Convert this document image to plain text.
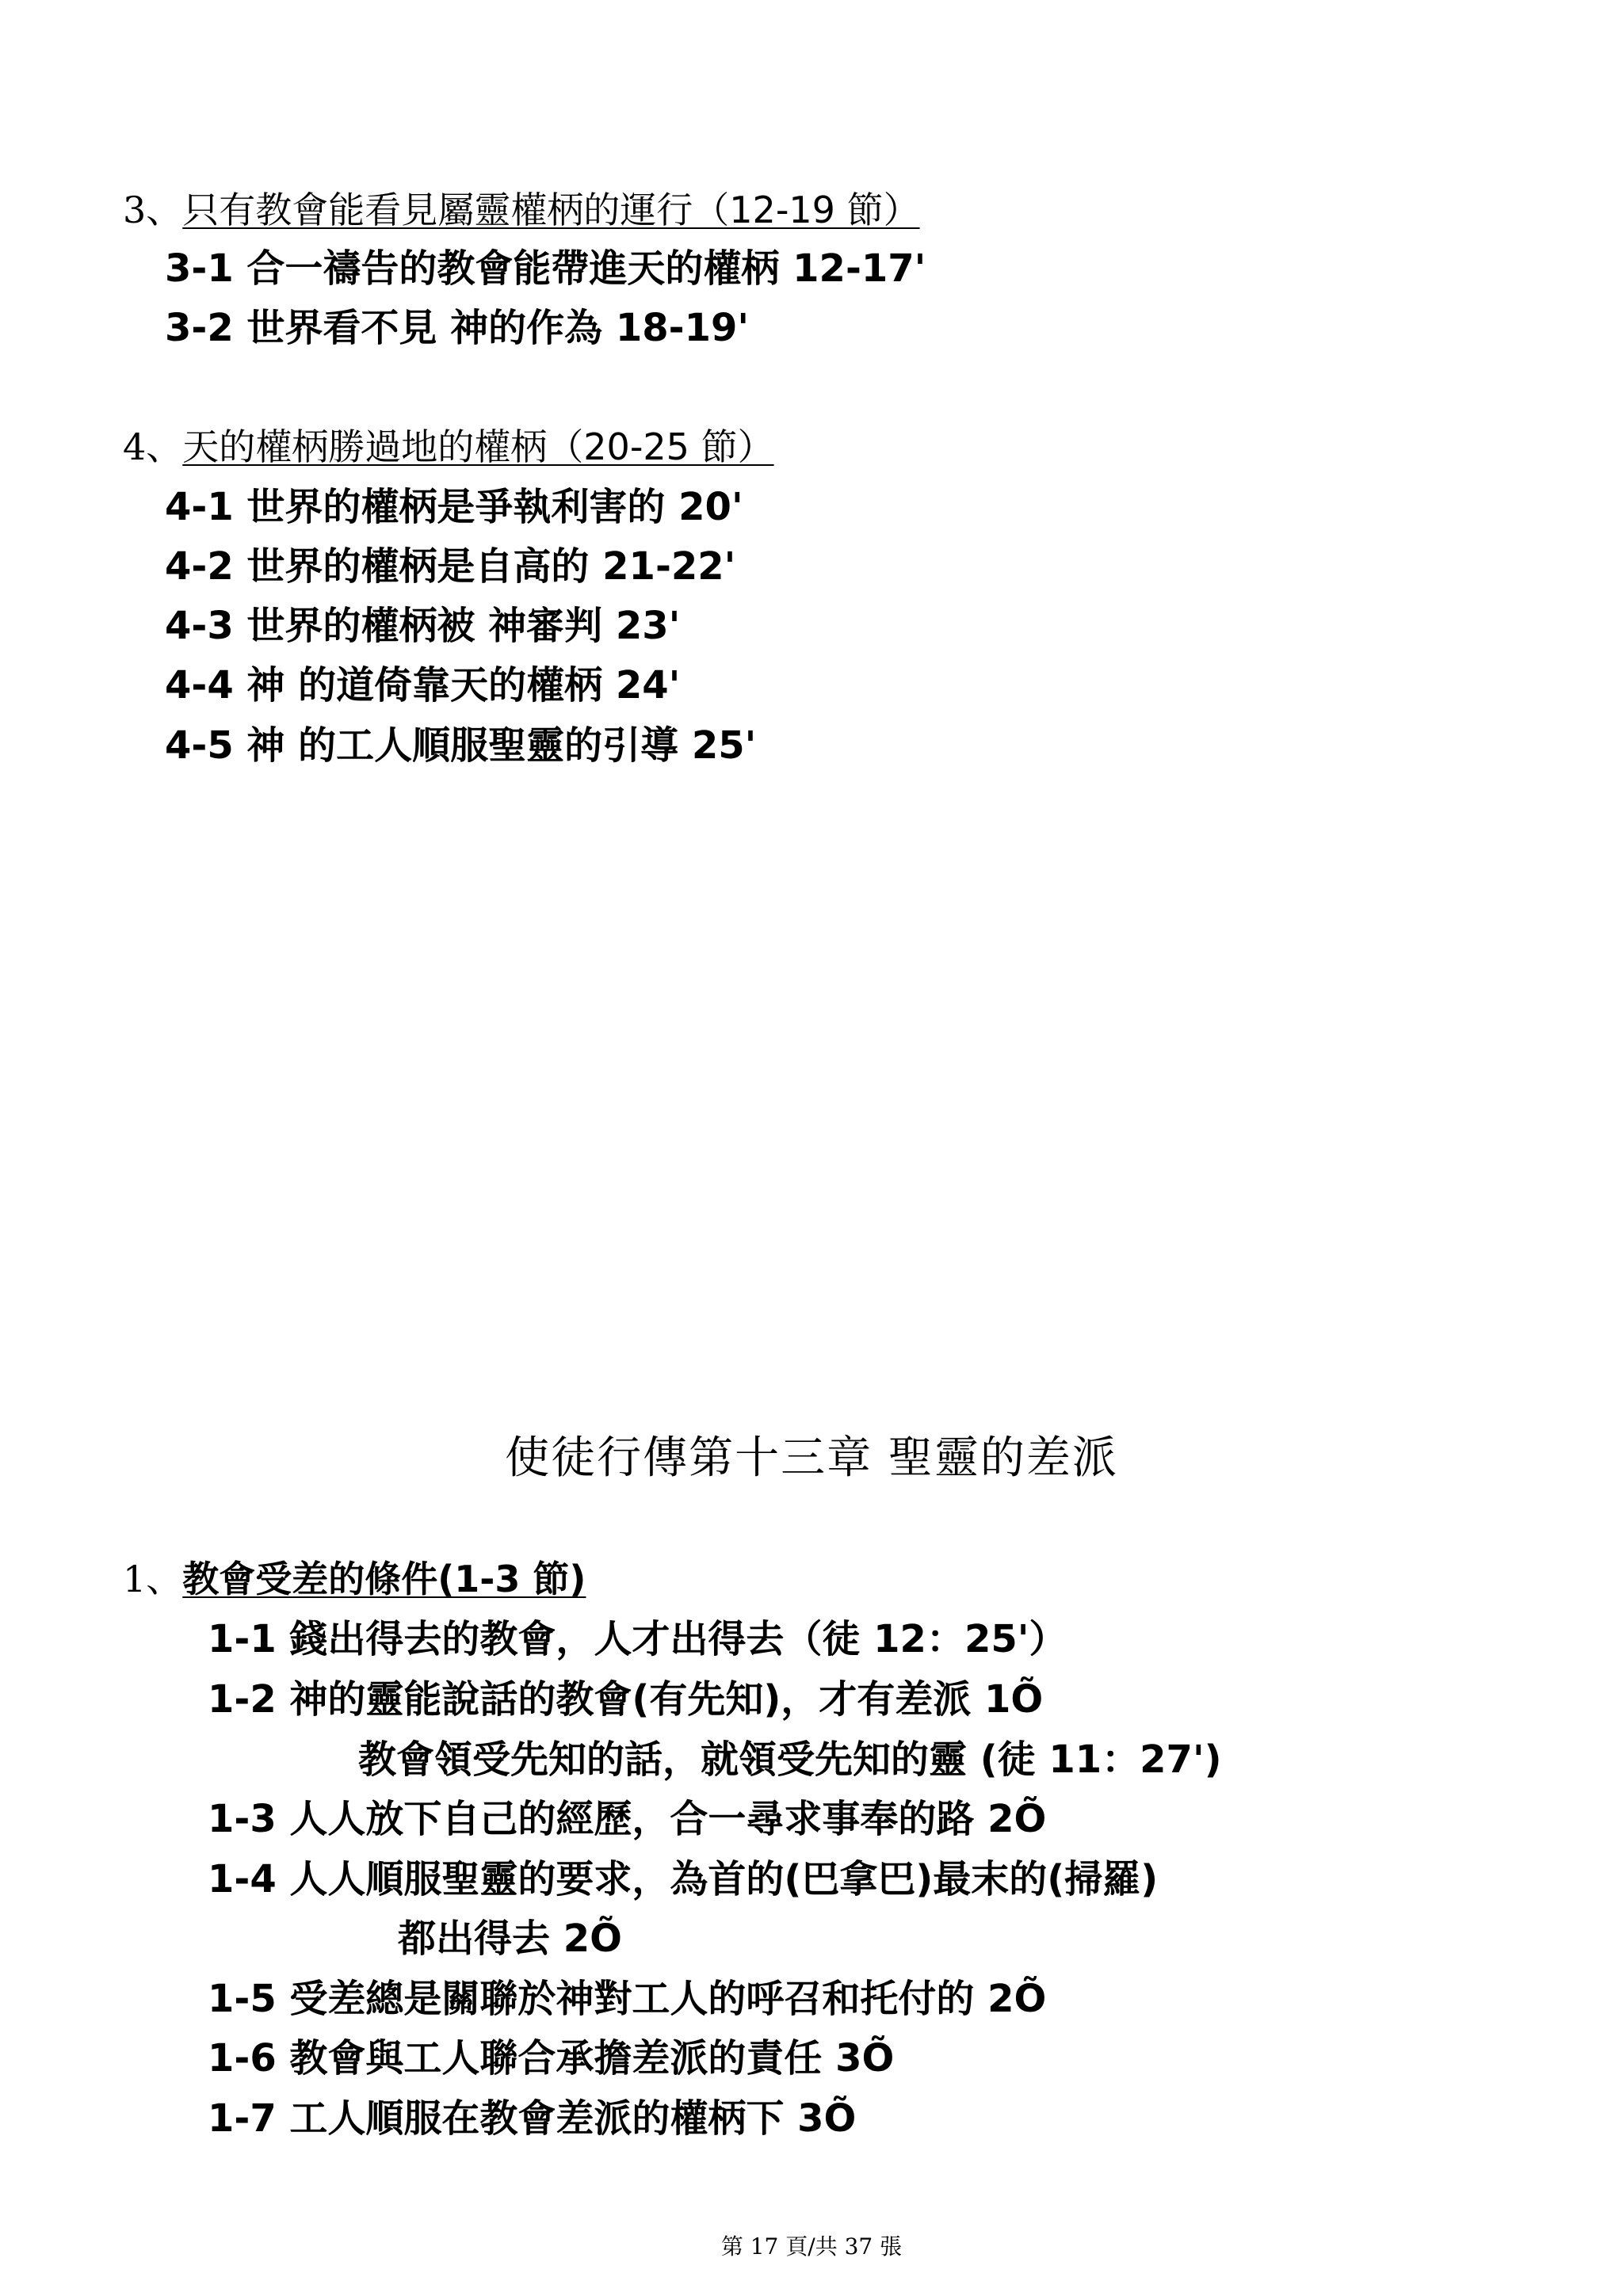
3、只有教會能看見屬靈權柄的運行（12-19 節）
3-1 合一禱告的教會能帶進天的權柄 12-17'
3-2 世界看不見 神的作為 18-19'
4、天的權柄勝過地的權柄（20-25 節）
4-1 世界的權柄是爭執利害的 20'
4-2 世界的權柄是自高的 21-22'
4-3 世界的權柄被 神審判 23'
4-4 神 的道倚靠天的權柄 24'
4-5 神 的工人順服聖靈的引導 25'
使徒行傳第十三章 聖靈的差派
1、教會受差的條件(1-3 節)
1-1 錢出得去的教會，人才出得去（徒 12：25'）
1-2 神的靈能說話的教會(有先知)，才有差派 1Õ
教會領受先知的話，就領受先知的靈 (徒 11：27')
1-3 人人放下自己的經歷，合一尋求事奉的路 2Õ
1-4 人人順服聖靈的要求，為首的(巴拿巴)最末的(掃羅)
都出得去 2Õ
1-5 受差總是關聯於神對工人的呼召和托付的 2Õ
1-6 教會與工人聯合承擔差派的責任 3Õ
1-7 工人順服在教會差派的權柄下 3Õ
第 17 頁/共 37 張
